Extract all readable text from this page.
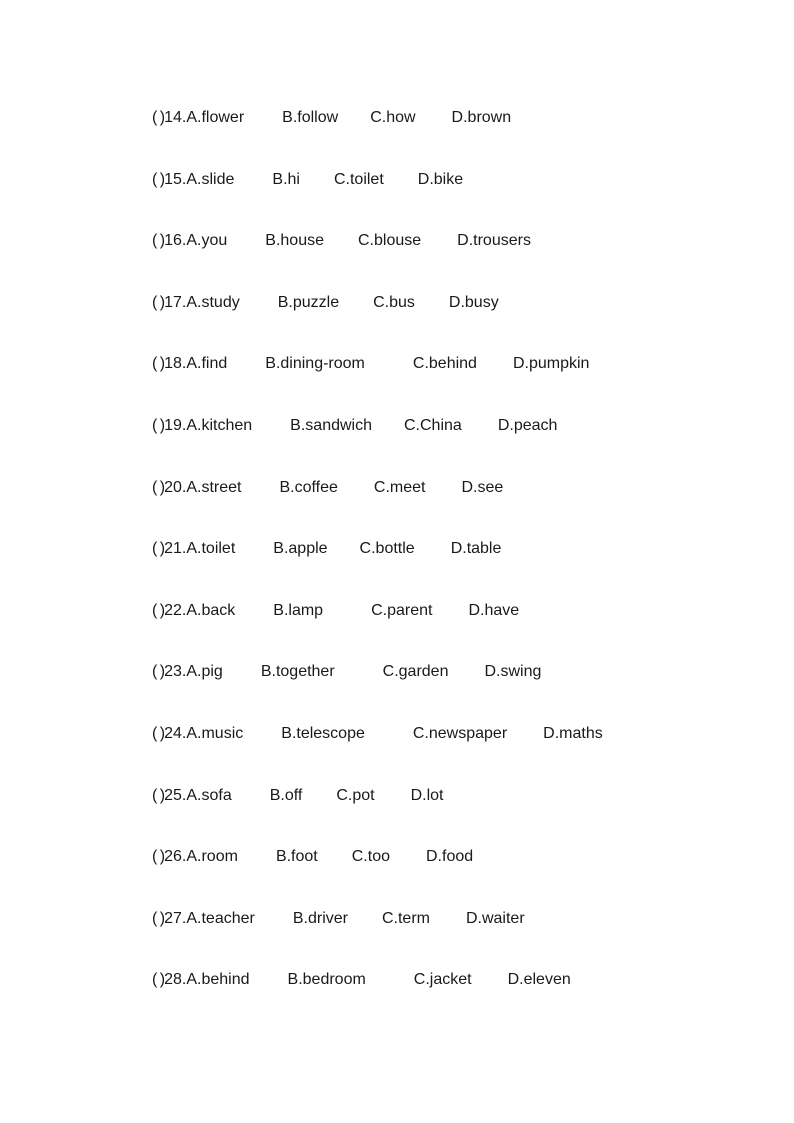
( ) 14. A.flower B.follow C.how D.brown
( ) 15. A.slide B.hi C.toilet D.bike
( ) 16. A.you B.house C.blouse D.trousers
( ) 17. A.study B.puzzle C.bus D.busy
( ) 18. A.find B.dining-room	C.behind D.pumpkin
( ) 19. A.kitchen B.sandwich C.China D.peach
( ) 20. A.street B.coffee C.meet D.see
( ) 21. A.toilet B.apple C.bottle D.table
( ) 22. A.back B.lamp	C.parent D.have
( ) 23. A.pig B.together	C.garden D.swing
( ) 24. A.music B.telescope	C.newspaper D.maths
( ) 25. A.sofa B.off C.pot D.lot
( ) 26. A.room B.foot C.too D.food
( ) 27. A.teacher B.driver C.term D.waiter
( ) 28. A.behind B.bedroom	C.jacket D.eleven
